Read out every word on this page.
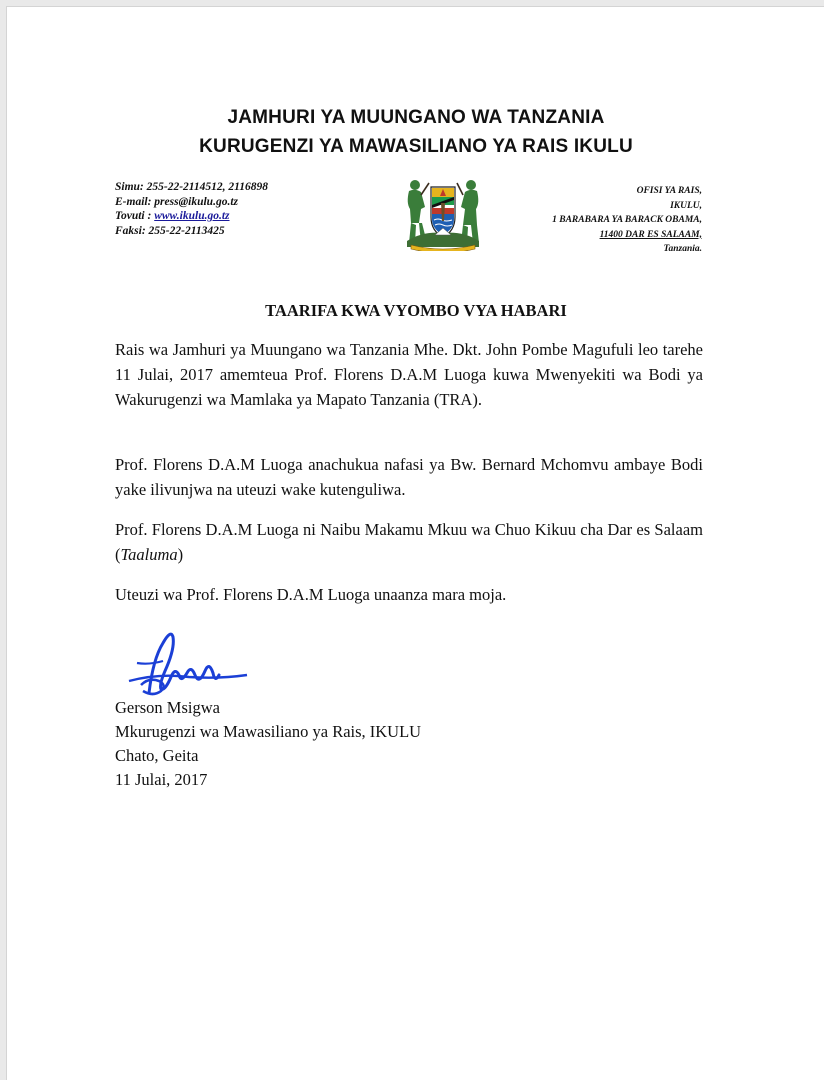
JAMHURI YA MUUNGANO WA TANZANIA
KURUGENZI YA MAWASILIANO YA RAIS IKULU
Simu: 255-22-2114512, 2116898
E-mail: press@ikulu.go.tz
Tovuti : www.ikulu.go.tz
Faksi: 255-22-2113425
OFISI YA RAIS,
IKULU,
1 BARABARA YA BARACK OBAMA,
11400 DAR ES SALAAM,
Tanzania.
TAARIFA KWA VYOMBO VYA HABARI
Rais wa Jamhuri ya Muungano wa Tanzania Mhe. Dkt. John Pombe Magufuli leo tarehe 11 Julai, 2017 amemteua Prof. Florens D.A.M Luoga kuwa Mwenyekiti wa Bodi ya Wakurugenzi wa Mamlaka ya Mapato Tanzania (TRA).
Prof. Florens D.A.M Luoga anachukua nafasi ya Bw. Bernard Mchomvu ambaye Bodi yake ilivunjwa na uteuzi wake kutenguliwa.
Prof. Florens D.A.M Luoga ni Naibu Makamu Mkuu wa Chuo Kikuu cha Dar es Salaam (Taaluma)
Uteuzi wa Prof. Florens D.A.M Luoga unaanza mara moja.
Gerson Msigwa
Mkurugenzi wa Mawasiliano ya Rais, IKULU
Chato, Geita
11 Julai, 2017
